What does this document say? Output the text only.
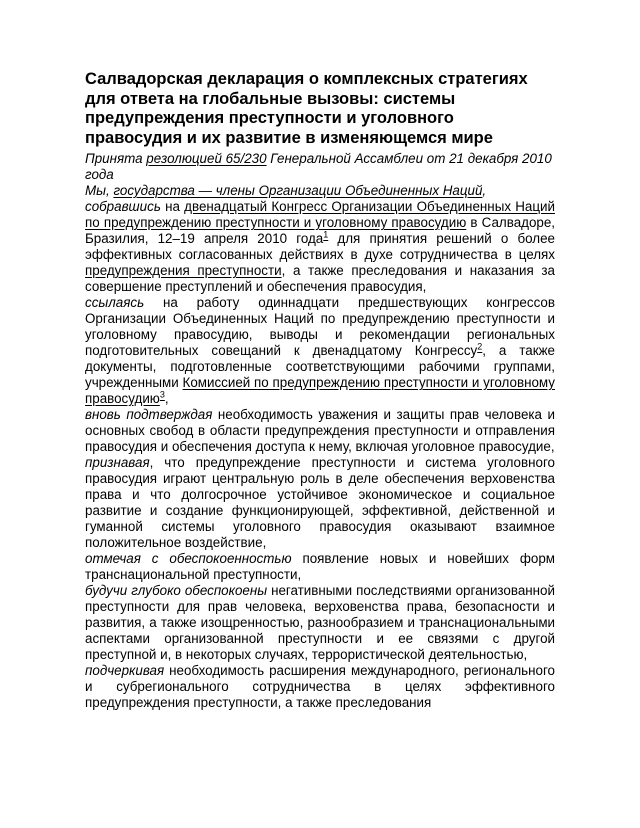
Салвадорская декларация о комплексных стратегиях для ответа на глобальные вызовы: системы предупреждения преступности и уголовного правосудия и их развитие в изменяющемся мире

Принята резолюцией 65/230 Генеральной Ассамблеи от 21 декабря 2010 года

Мы, государства — члены Организации Объединенных Наций,

собравшись на двенадцатый Конгресс Организации Объединенных Наций по предупреждению преступности и уголовному правосудию в Салвадоре, Бразилия, 12–19 апреля 2010 года$^1$ для принятия решений о более эффективных согласованных действиях в духе сотрудничества в целях предупреждения преступности, а также преследования и наказания за совершение преступлений и обеспечения правосудия,

ссылаясь на работу одиннадцати предшествующих конгрессов Организации Объединенных Наций по предупреждению преступности и уголовному правосудию, выводы и рекомендации региональных подготовительных совещаний к двенадцатому Конгрессу$^2$, а также документы, подготовленные соответствующими рабочими группами, учрежденными Комиссией по предупреждению преступности и уголовному правосудию$^3$,

вновь подтверждая необходимость уважения и защиты прав человека и основных свобод в области предупреждения преступности и отправления правосудия и обеспечения доступа к нему, включая уголовное правосудие,

признавая, что предупреждение преступности и система уголовного правосудия играют центральную роль в деле обеспечения верховенства права и что долгосрочное устойчивое экономическое и социальное развитие и создание функционирующей, эффективной, действенной и гуманной системы уголовного правосудия оказывают взаимное положительное воздействие,

отмечая с обеспокоенностью появление новых и новейших форм транснациональной преступности,

будучи глубоко обеспокоены негативными последствиями организованной преступности для прав человека, верховенства права, безопасности и развития, а также изощренностью, разнообразием и транснациональными аспектами организованной преступности и ее связями с другой преступной и, в некоторых случаях, террористической деятельностью,

подчеркивая необходимость расширения международного, регионального и субрегионального сотрудничества в целях эффективного предупреждения преступности, а также преследования
